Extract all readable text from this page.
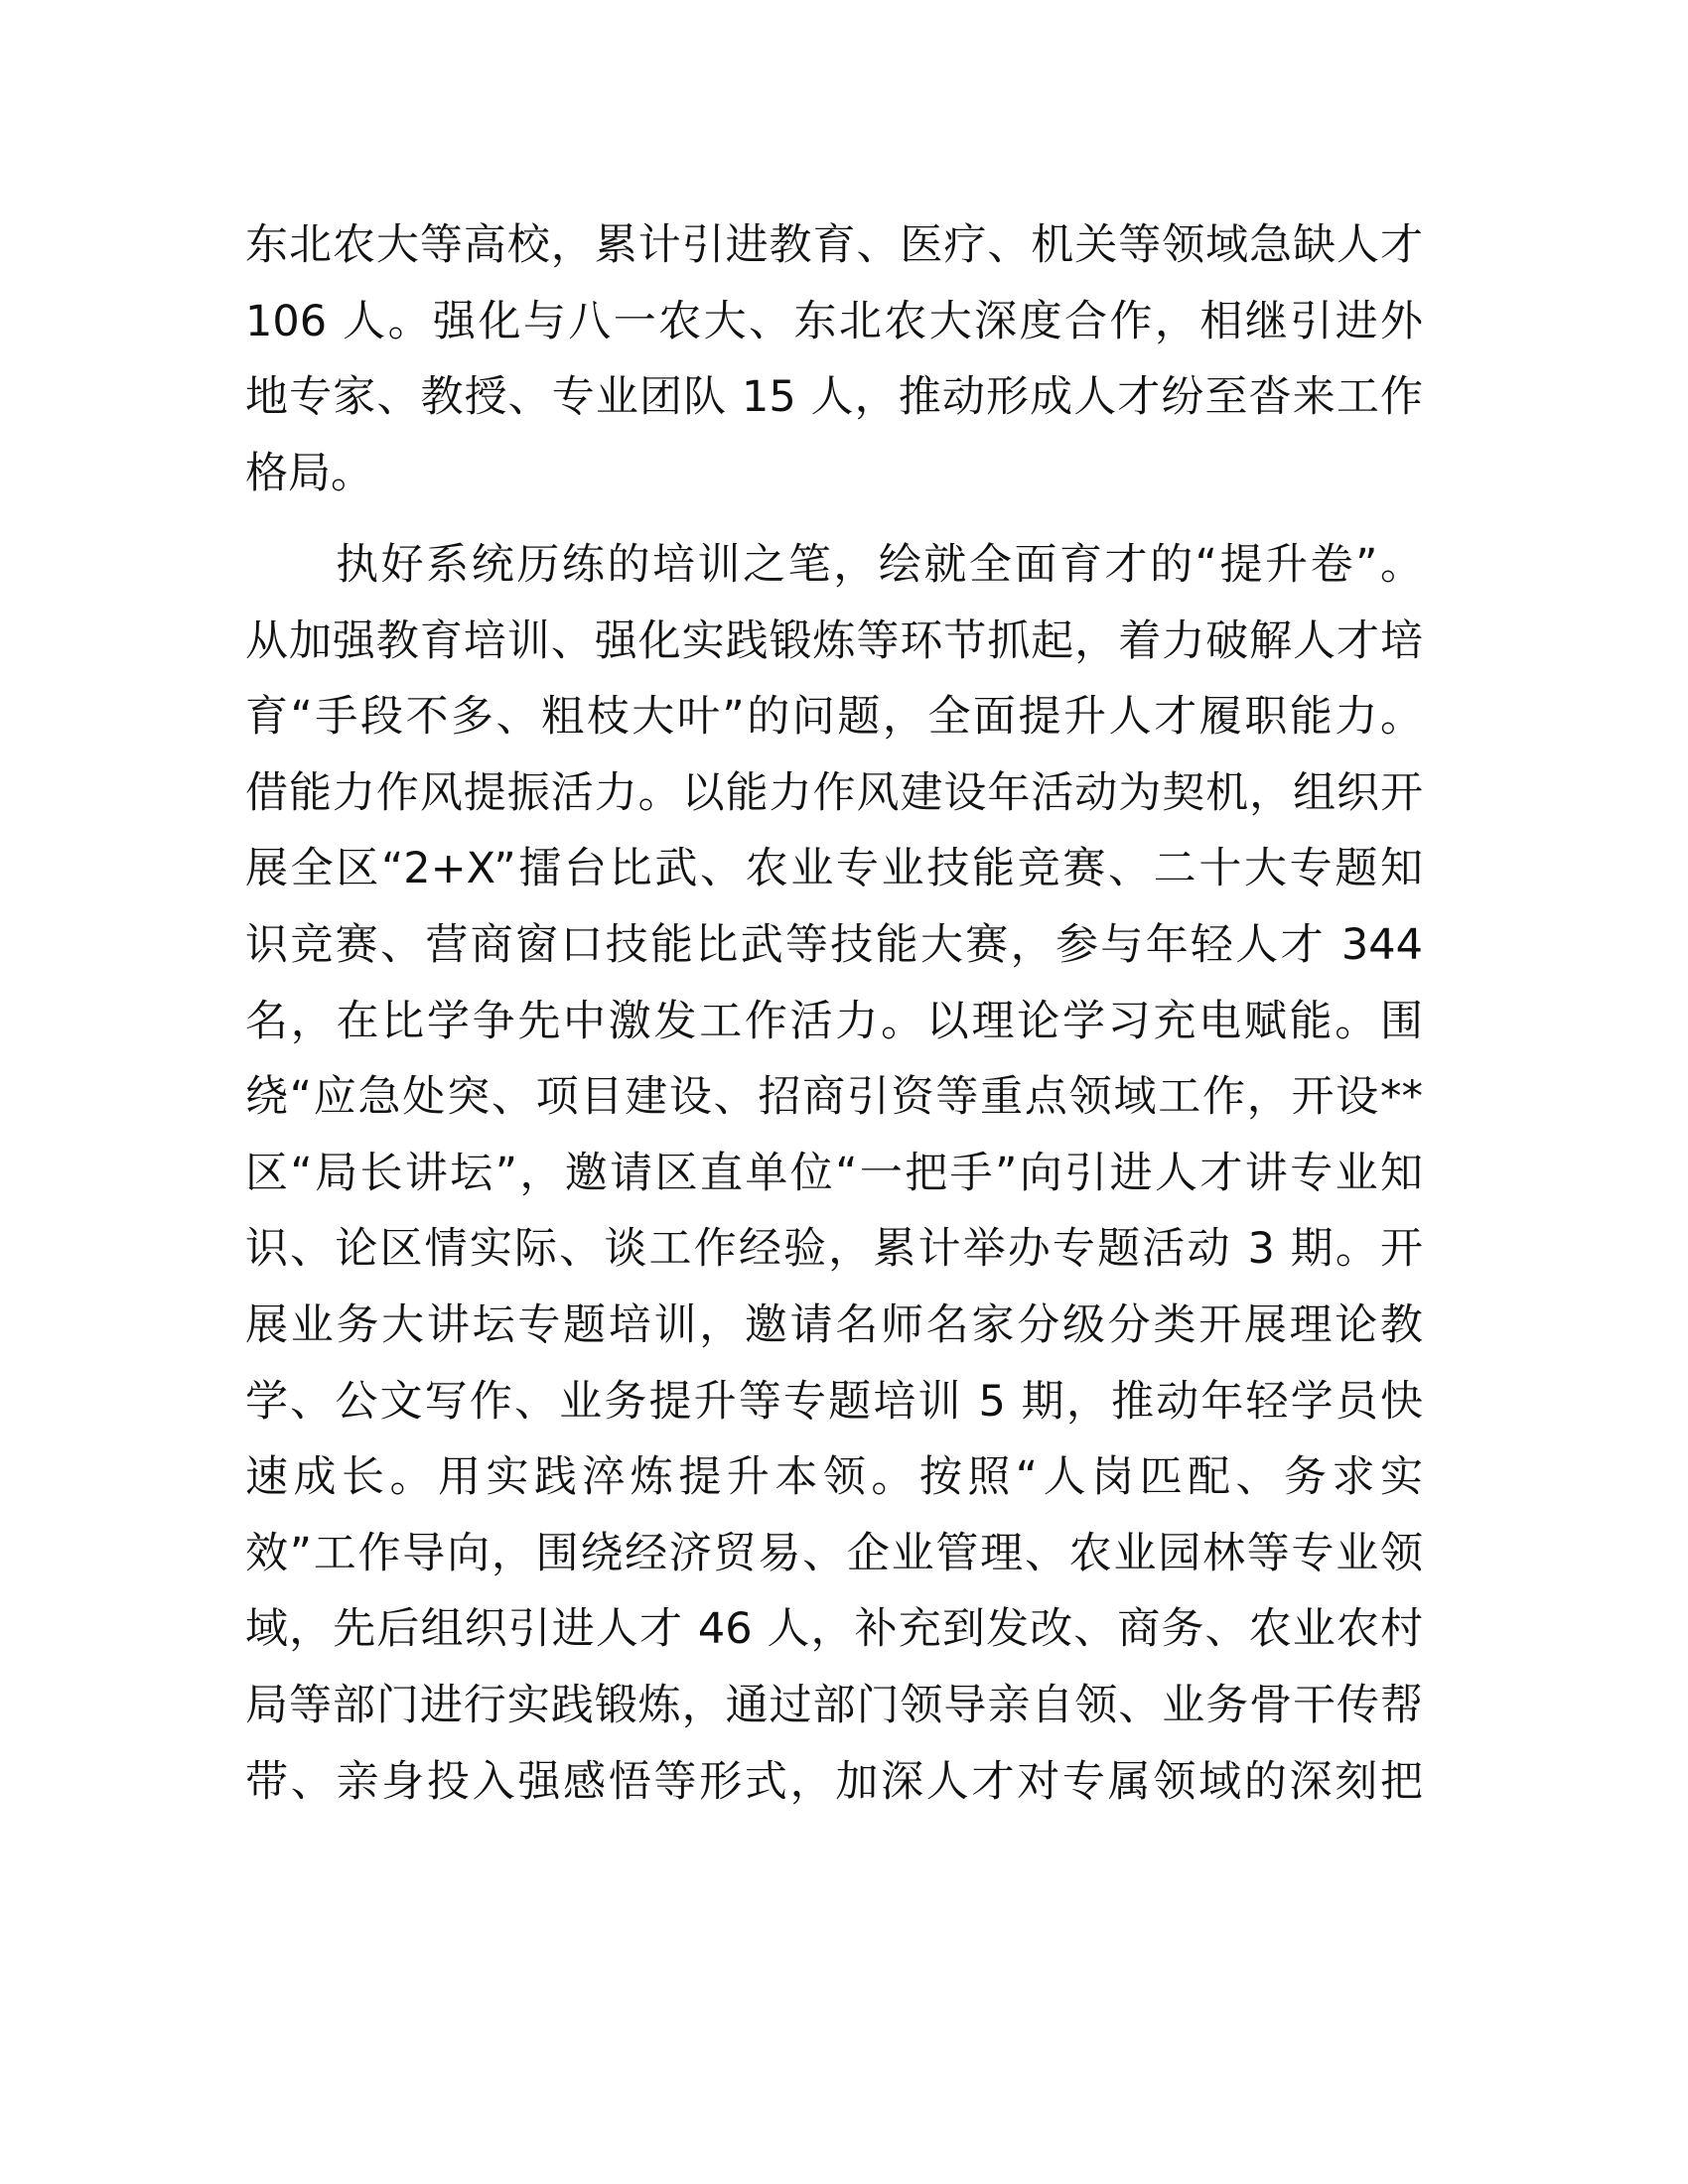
东北农大等高校，累计引进教育、医疗、机关等领域急缺人才
106 人。强化与八一农大、东北农大深度合作，相继引进外
地专家、教授、专业团队 15 人，推动形成人才纷至沓来工作
格局。
　　执好系统历练的培训之笔，绘就全面育才的“提升卷”。
从加强教育培训、强化实践锻炼等环节抓起，着力破解人才培
育“手段不多、粗枝大叶”的问题，全面提升人才履职能力。
借能力作风提振活力。以能力作风建设年活动为契机，组织开
展全区“2+X”擂台比武、农业专业技能竞赛、二十大专题知
识竞赛、营商窗口技能比武等技能大赛，参与年轻人才 344
名，在比学争先中激发工作活力。以理论学习充电赋能。围
绕“应急处突、项目建设、招商引资等重点领域工作，开设**
区“局长讲坛”，邀请区直单位“一把手”向引进人才讲专业知
识、论区情实际、谈工作经验，累计举办专题活动 3 期。开
展业务大讲坛专题培训，邀请名师名家分级分类开展理论教
学、公文写作、业务提升等专题培训 5 期，推动年轻学员快
速成长。用实践淬炼提升本领。按照“人岗匹配、务求实
效”工作导向，围绕经济贸易、企业管理、农业园林等专业领
域，先后组织引进人才 46 人，补充到发改、商务、农业农村
局等部门进行实践锻炼，通过部门领导亲自领、业务骨干传帮
带、亲身投入强感悟等形式，加深人才对专属领域的深刻把
